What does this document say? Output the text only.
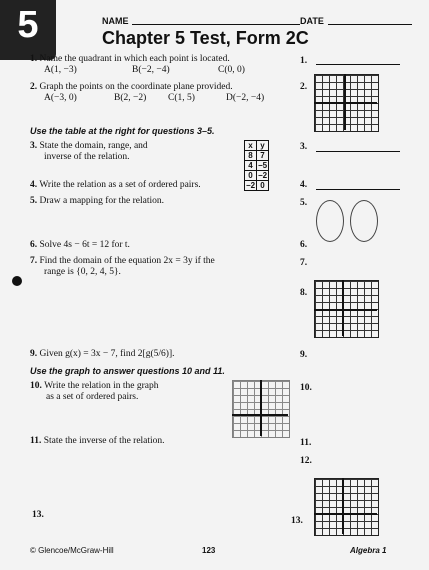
5	NAME	DATE
Chapter 5 Test, Form 2C
1. Name the quadrant in which each point is located.
A(1, −3)	B(−2, −4)	C(0, 0)
2. Graph the points on the coordinate plane provided.
A(−3, 0)	B(2, −2) C(1, 5)	D(−2, −4)
Use the table at the right for questions 3–5.
3. State the domain, range, and
inverse of the relation.
x	y
8	7
4	−5
0	−2
−2	0
4. Write the relation as a set of ordered pairs.
5. Draw a mapping for the relation.
6. Solve 4s − 6t = 12 for t.
7. Find the domain of the equation 2x = 3y if the
range is {0, 2, 4, 5}.
9. Given g(x) = 3x − 7, find 2[g(5/6)].
Use the graph to answer questions 10 and 11.
10. Write the relation in the graph
as a set of ordered pairs.
11. State the inverse of the relation.
13.
1.
2.
3.
4.
5.
6.
7.
8.
9.
10.
11.
12.
13.
© Glencoe/McGraw-Hill	123	Algebra 1
